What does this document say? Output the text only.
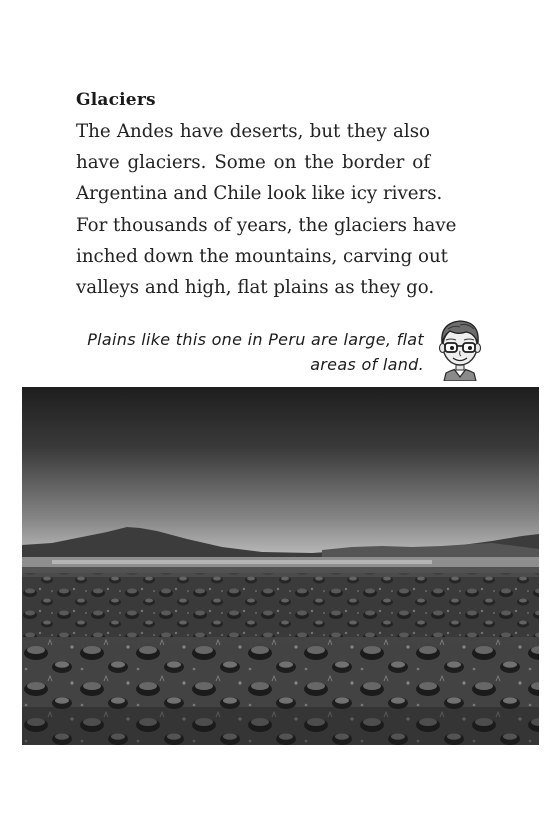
Glaciers

The Andes have deserts, but they also
have glaciers. Some on the border of
Argentina and Chile look like icy rivers.
For thousands of years, the glaciers have
inched down the mountains, carving out
valleys and high, flat plains as they go.

Plains like this one in Peru are large, flat
areas of land.
